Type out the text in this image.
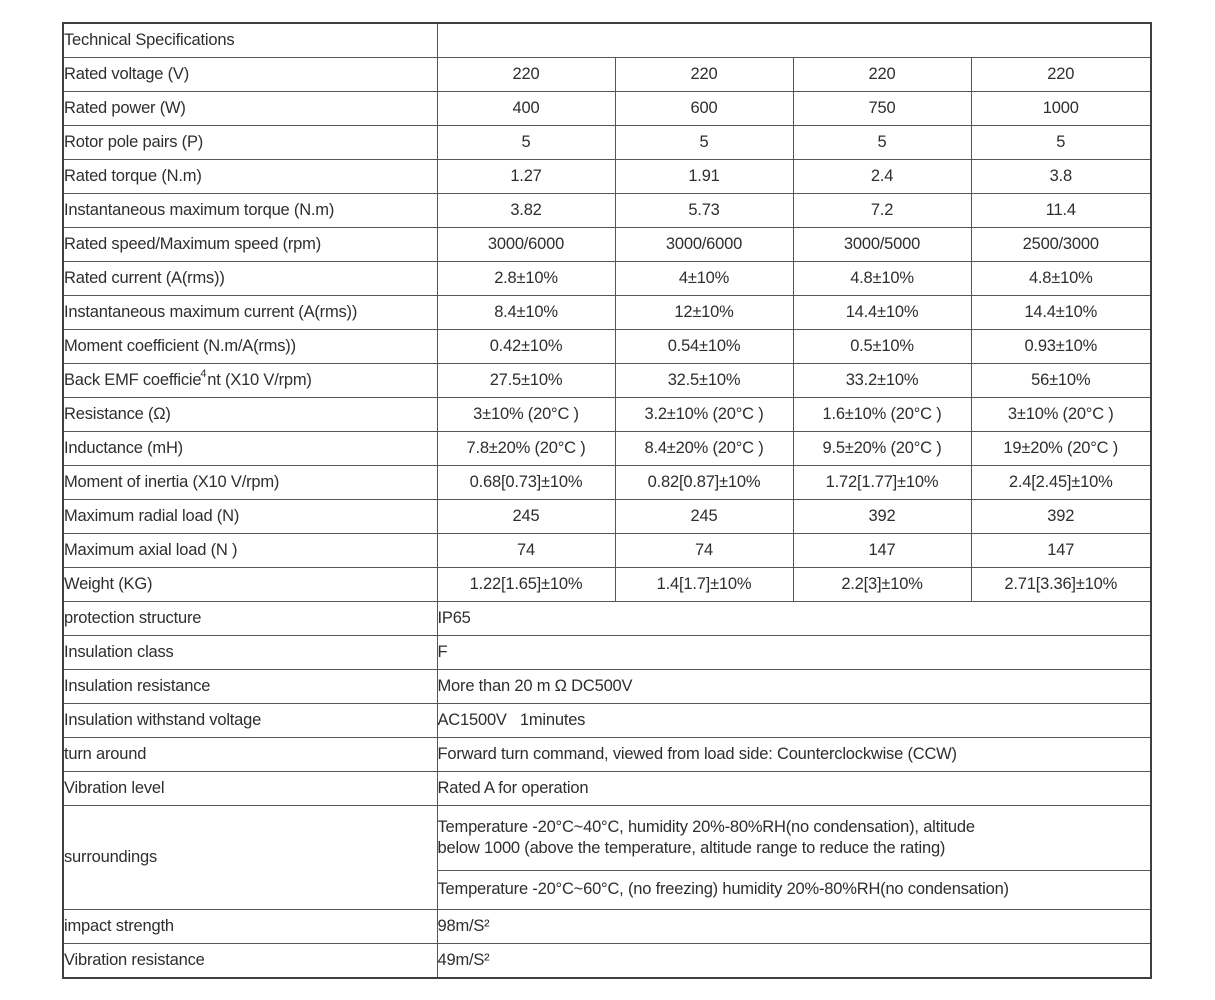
Technical Specifications				
Rated voltage (V)	220	220	220	220
Rated power (W)	400	600	750	1000
Rotor pole pairs (P)	5	5	5	5
Rated torque (N.m)	1.27	1.91	2.4	3.8
Instantaneous maximum torque (N.m)	3.82	5.73	7.2	11.4
Rated speed/Maximum speed (rpm)	3000/6000	3000/6000	3000/5000	2500/3000
Rated current (A(rms))	2.8±10%	4±10%	4.8±10%	4.8±10%
Instantaneous maximum current (A(rms))	8.4±10%	12±10%	14.4±10%	14.4±10%
Moment coefficient (N.m/A(rms))	0.42±10%	0.54±10%	0.5±10%	0.93±10%
Back EMF coefficie$^4$nt (X10 V/rpm)	27.5±10%	32.5±10%	33.2±10%	56±10%
Resistance (Ω)	3±10% (20°C )	3.2±10% (20°C )	1.6±10% (20°C )	3±10% (20°C )
Inductance (mH)	7.8±20% (20°C )	8.4±20% (20°C )	9.5±20% (20°C )	19±20% (20°C )
Moment of inertia (X10 V/rpm)	0.68[0.73]±10%	0.82[0.87]±10%	1.72[1.77]±10%	2.4[2.45]±10%
Maximum radial load (N)	245	245	392	392
Maximum axial load (N )	74	74	147	147
Weight (KG)	1.22[1.65]±10%	1.4[1.7]±10%	2.2[3]±10%	2.71[3.36]±10%
protection structure	IP65			
Insulation class	F			
Insulation resistance	More than 20 m Ω DC500V			
Insulation withstand voltage	AC1500V   1minutes			
turn around	Forward turn command, viewed from load side: Counterclockwise (CCW)			
Vibration level	Rated A for operation			
surroundings	Temperature -20°C~40°C, humidity 20%-80%RH(no condensation), altitude
below 1000 (above the temperature, altitude range to reduce the rating)			

	Temperature -20°C~60°C, (no freezing) humidity 20%-80%RH(no condensation)			
impact strength	98m/S²			
Vibration resistance	49m/S²			
